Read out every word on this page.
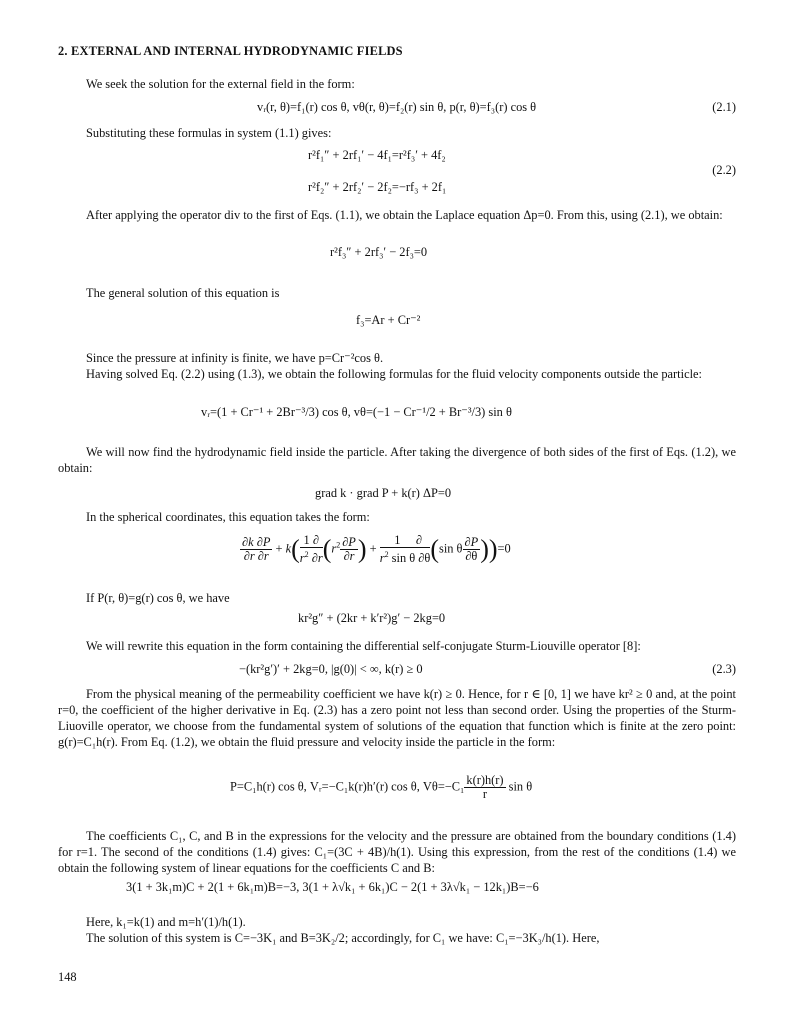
2. EXTERNAL AND INTERNAL HYDRODYNAMIC FIELDS
We seek the solution for the external field in the form:
vᵣ(r, θ)=f₁(r) cos θ, vθ(r, θ)=f₂(r) sin θ, p(r, θ)=f₃(r) cos θ	(2.1)
Substituting these formulas in system (1.1) gives:
r²f₁″ + 2rf₁′ − 4f₁=r²f₃′ + 4f₂
r²f₂″ + 2rf₂′ − 2f₂=−rf₃ + 2f₁
(2.2)
After applying the operator div to the first of Eqs. (1.1), we obtain the Laplace equation Δp=0. From this, using (2.1), we obtain:
r²f₃″ + 2rf₃′ − 2f₃=0
The general solution of this equation is
f₃=Ar + Cr⁻²
Since the pressure at infinity is finite, we have p=Cr⁻²cos θ.
Having solved Eq. (2.2) using (1.3), we obtain the following formulas for the fluid velocity components outside the particle:
vᵣ=(1 + Cr⁻¹ + 2Br⁻³/3) cos θ, vθ=(−1 − Cr⁻¹/2 + Br⁻³/3) sin θ
We will now find the hydrodynamic field inside the particle. After taking the divergence of both sides of the first of Eqs. (1.2), we obtain:
grad k · grad P + k(r) ΔP=0
In the spherical coordinates, this equation takes the form:
$\frac{\partial k \partial P}{\partial r \partial r} + k( \frac{1 \partial}{r^2 \partial r} (r^2 \frac{\partial P}{\partial r}$ ) + $\frac{1 \partial}{r^2 \sin \theta \partial\theta} (\sin$ θ $\frac{\partial P}{\partial\theta} ))=0$
If P(r, θ)=g(r) cos θ, we have
kr²g″ + (2kr + k′r²)g′ − 2kg=0
We will rewrite this equation in the form containing the differential self-conjugate Sturm-Liouville operator [8]:
−(kr²g′)′ + 2kg=0, |g(0)| < ∞, k(r) ≥ 0	(2.3)
From the physical meaning of the permeability coefficient we have k(r) ≥ 0. Hence, for r ∈ [0, 1] we have kr² ≥ 0 and, at the point r=0, the coefficient of the higher derivative in Eq. (2.3) has a zero point not less than second order. Using the properties of the Sturm-Liuoville operator, we choose from the fundamental system of solutions of the equation that function which is finite at the zero point: g(r)=C₁h(r). From Eq. (1.2), we obtain the fluid pressure and velocity inside the particle in the form:
P=C₁h(r) cos θ, Vᵣ=−C₁k(r)h′(r) cos θ, $V\theta=-C_1 \frac{k(r)h(r)}{r}$ sin θ
The coefficients C₁, C, and B in the expressions for the velocity and the pressure are obtained from the boundary conditions (1.4) for r=1. The second of the conditions (1.4) gives: C₁=(3C + 4B)/h(1). Using this expression, from the rest of the conditions (1.4) we obtain the following system of linear equations for the coefficients C and B:
3(1 + 3k₁m)C + 2(1 + 6k₁m)B=−3, 3(1 + λ√k₁ + 6k₁)C − 2(1 + 3λ√k₁ − 12k₁)B=−6
Here, k₁=k(1) and m=h′(1)/h(1).
The solution of this system is C=−3K₁ and B=3K₂/2; accordingly, for C₁ we have: C₁=−3K₃/h(1). Here,
148
